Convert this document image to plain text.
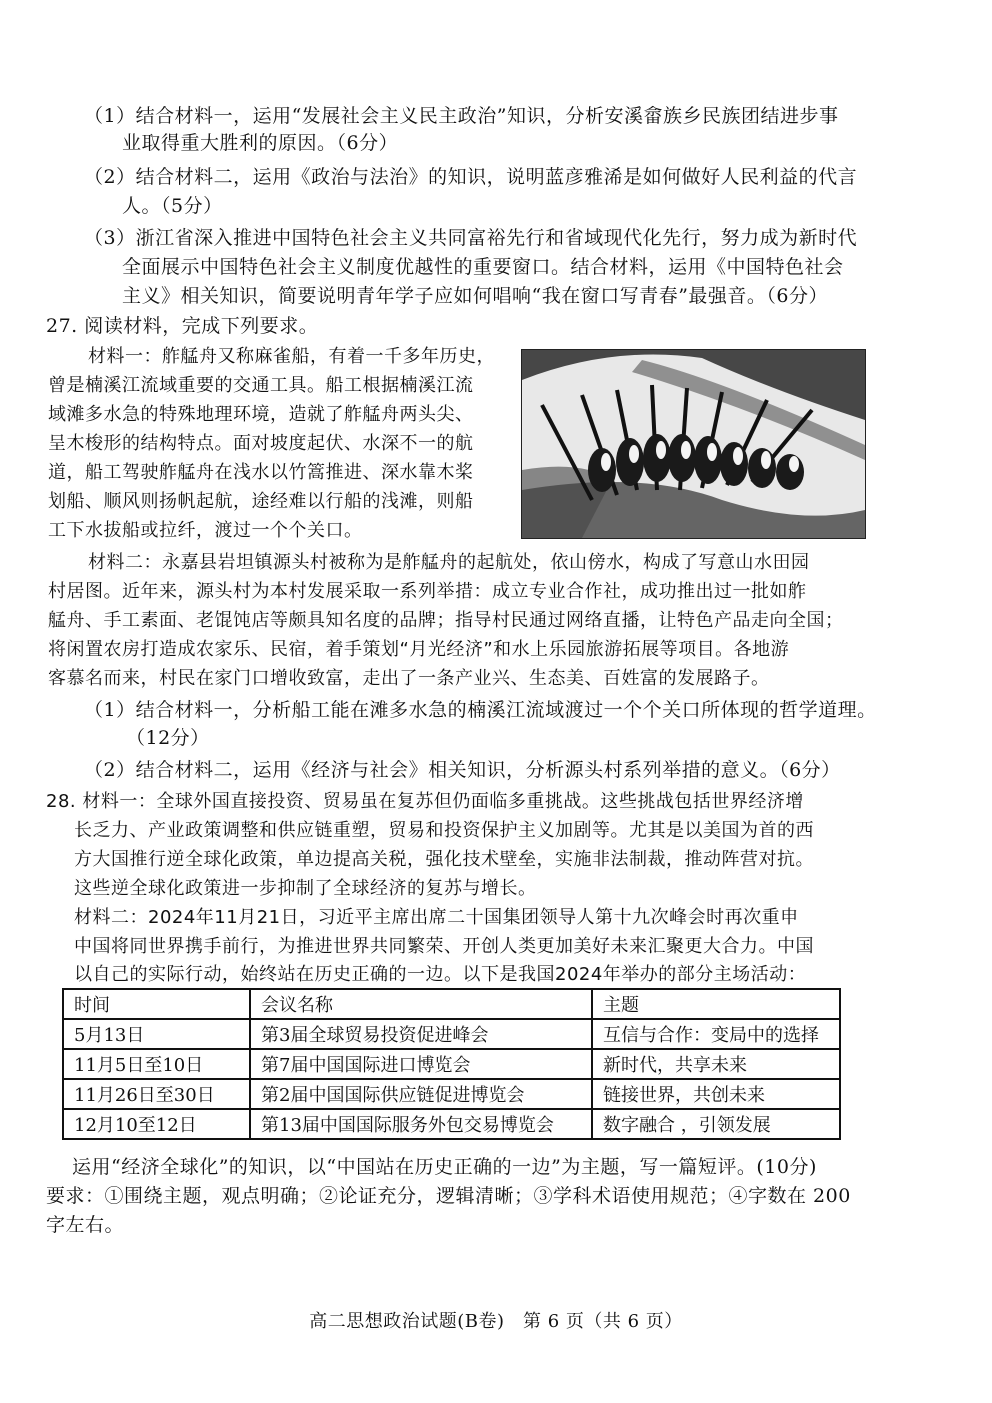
（1）结合材料一，运用“发展社会主义民主政治”知识，分析安溪畲族乡民族团结进步事
业取得重大胜利的原因。（6分）
（2）结合材料二，运用《政治与法治》的知识，说明蓝彦雅浠是如何做好人民利益的代言
人。（5分）
（3）浙江省深入推进中国特色社会主义共同富裕先行和省域现代化先行，努力成为新时代
全面展示中国特色社会主义制度优越性的重要窗口。结合材料，运用《中国特色社会
主义》相关知识，简要说明青年学子应如何唱响“我在窗口写青春”最强音。（6分）
27. 阅读材料，完成下列要求。
材料一：舴艋舟又称麻雀船，有着一千多年历史，
曾是楠溪江流域重要的交通工具。船工根据楠溪江流
域滩多水急的特殊地理环境，造就了舴艋舟两头尖、
呈木梭形的结构特点。面对坡度起伏、水深不一的航
道，船工驾驶舴艋舟在浅水以竹篙推进、深水靠木桨
划船、顺风则扬帆起航，途经难以行船的浅滩，则船
工下水拔船或拉纤，渡过一个个关口。
材料二：永嘉县岩坦镇源头村被称为是舴艋舟的起航处，依山傍水，构成了写意山水田园
村居图。近年来，源头村为本村发展采取一系列举措：成立专业合作社，成功推出过一批如舴
艋舟、手工素面、老馄饨店等颇具知名度的品牌；指导村民通过网络直播，让特色产品走向全国；
将闲置农房打造成农家乐、民宿，着手策划“月光经济”和水上乐园旅游拓展等项目。各地游
客慕名而来，村民在家门口增收致富，走出了一条产业兴、生态美、百姓富的发展路子。
（1）结合材料一，分析船工能在滩多水急的楠溪江流域渡过一个个关口所体现的哲学道理。
（12分）
（2）结合材料二，运用《经济与社会》相关知识，分析源头村系列举措的意义。（6分）
28. 材料一：全球外国直接投资、贸易虽在复苏但仍面临多重挑战。这些挑战包括世界经济增
长乏力、产业政策调整和供应链重塑，贸易和投资保护主义加剧等。尤其是以美国为首的西
方大国推行逆全球化政策，单边提高关税，强化技术壁垒，实施非法制裁，推动阵营对抗。
这些逆全球化政策进一步抑制了全球经济的复苏与增长。
材料二：2024年11月21日，习近平主席出席二十国集团领导人第十九次峰会时再次重申
中国将同世界携手前行，为推进世界共同繁荣、开创人类更加美好未来汇聚更大合力。中国
以自己的实际行动，始终站在历史正确的一边。以下是我国2024年举办的部分主场活动：
时间	会议名称	主题
5月13日	第3届全球贸易投资促进峰会	互信与合作：变局中的选择
11月5日至10日	第7届中国国际进口博览会	新时代，共享未来
11月26日至30日	第2届中国国际供应链促进博览会	链接世界，共创未来
12月10至12日	第13届中国国际服务外包交易博览会	数字融合 ，引领发展
运用“经济全球化”的知识，以“中国站在历史正确的一边”为主题，写一篇短评。(10分)
要求：①围绕主题，观点明确；②论证充分，逻辑清晰；③学科术语使用规范；④字数在 200
字左右。
高二思想政治试题(B卷)　第 6 页（共 6 页）
